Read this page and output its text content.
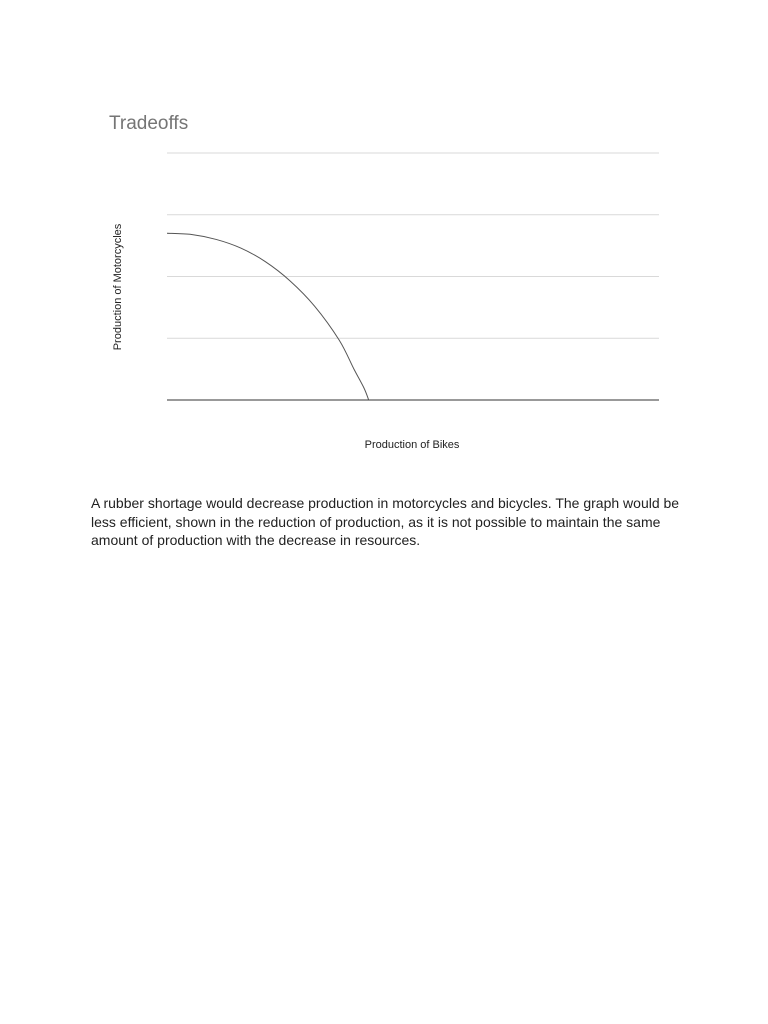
Tradeoffs
Production of Motorcycles
Production of Bikes
A rubber shortage would decrease production in motorcycles and bicycles. The graph would be less efficient, shown in the reduction of production, as it is not possible to maintain the same amount of production with the decrease in resources.
